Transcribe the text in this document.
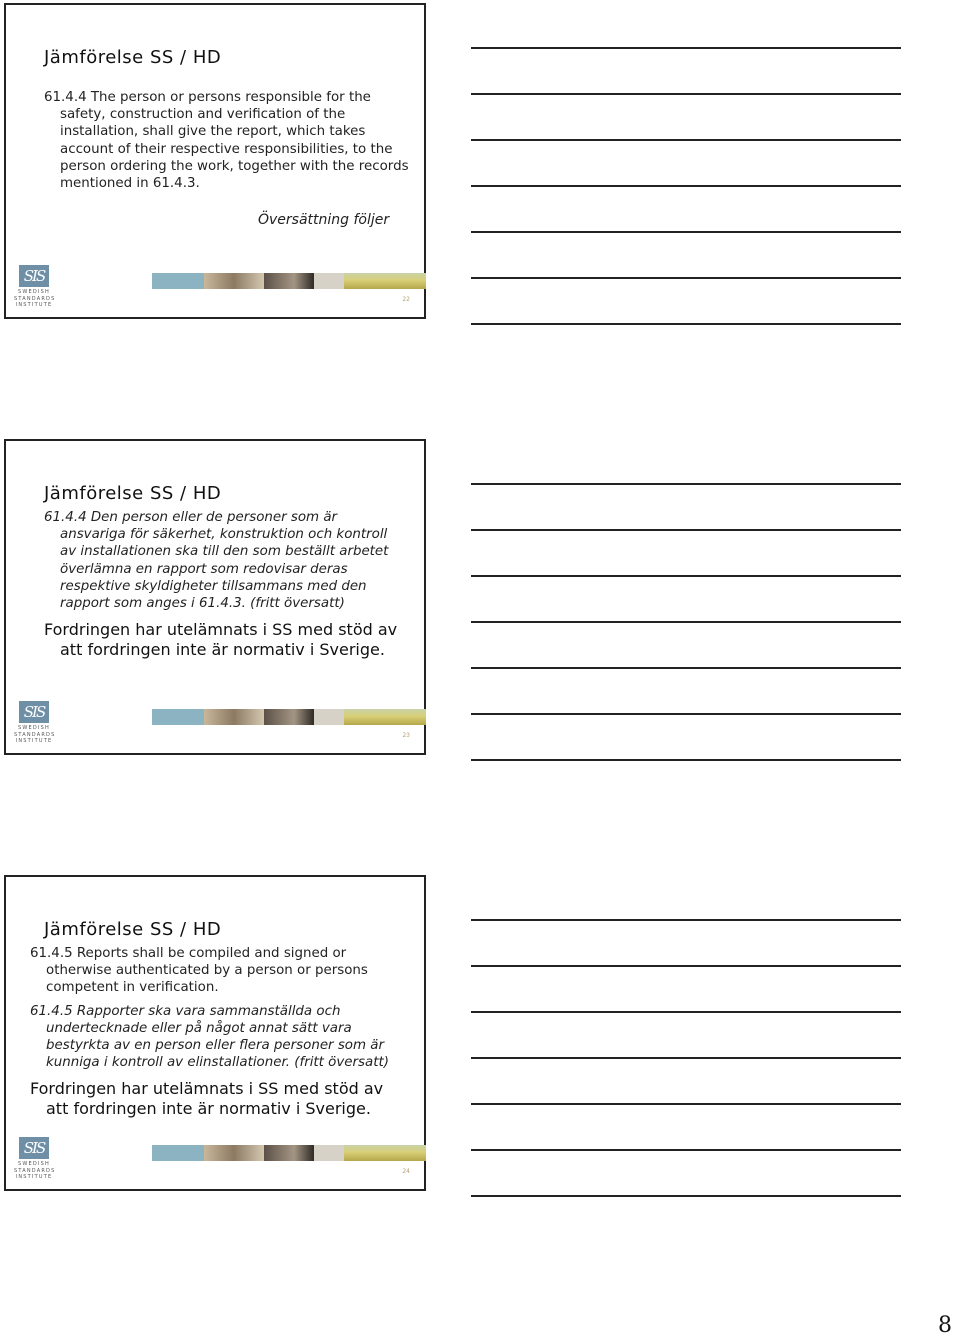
Jämförelse SS / HD
61.4.4 The person or persons responsible for the safety, construction and verification of the installation, shall give the report, which takes account of their respective responsibilities, to the person ordering the work, together with the records mentioned in 61.4.3.
Översättning följer
SIS
SWEDISH
STANDARDS
INSTITUTE
22
Jämförelse SS / HD
61.4.4 Den person eller de personer som är ansvariga för säkerhet, konstruktion och kontroll av installationen ska till den som beställt arbetet överlämna en rapport som redovisar deras respektive skyldigheter tillsammans med den rapport som anges i 61.4.3. (fritt översatt)
Fordringen har utelämnats i SS med stöd av att fordringen inte är normativ i Sverige.
SIS
SWEDISH
STANDARDS
INSTITUTE
23
Jämförelse SS / HD
61.4.5 Reports shall be compiled and signed or otherwise authenticated by a person or persons competent in verification.
61.4.5 Rapporter ska vara sammanställda och undertecknade eller på något annat sätt vara bestyrkta av en person eller flera personer som är kunniga i kontroll av elinstallationer. (fritt översatt)
Fordringen har utelämnats i SS med stöd av att fordringen inte är normativ i Sverige.
SIS
SWEDISH
STANDARDS
INSTITUTE
24
8
